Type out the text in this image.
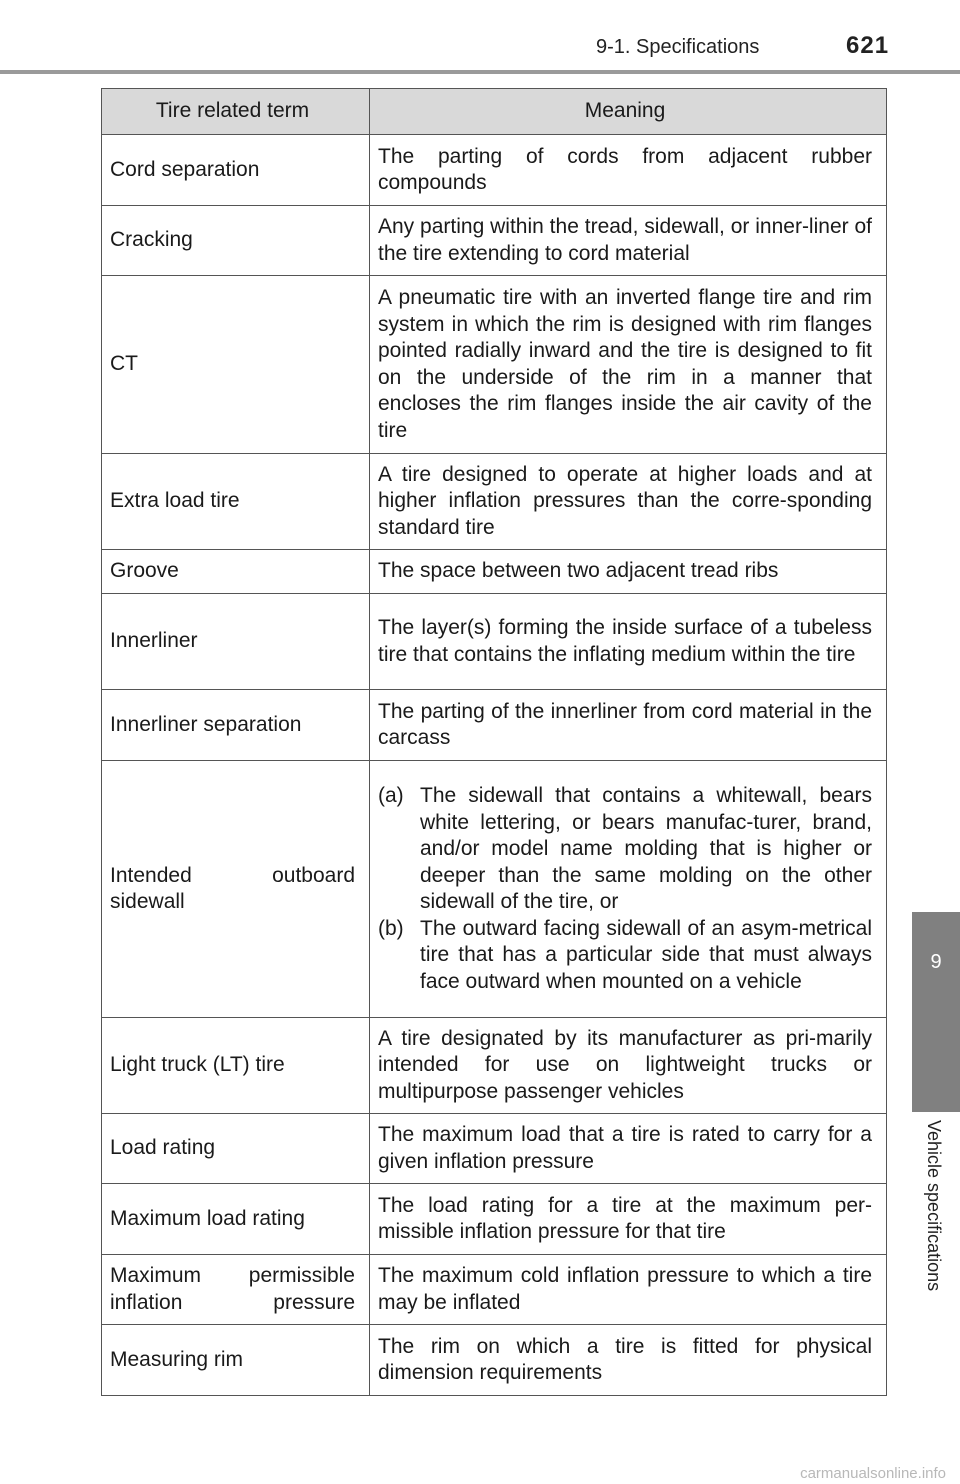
9-1. Specifications	621
9
Vehicle specifications
Tire related term	Meaning
Cord separation	The parting of cords from adjacent rubber compounds
Cracking	Any parting within the tread, sidewall, or inner-liner of the tire extending to cord material
CT	A pneumatic tire with an inverted flange tire and rim system in which the rim is designed with rim flanges pointed radially inward and the tire is designed to fit on the underside of the rim in a manner that encloses the rim flanges inside the air cavity of the tire
Extra load tire	A tire designed to operate at higher loads and at higher inflation pressures than the corre-sponding standard tire
Groove	The space between two adjacent tread ribs
Innerliner	The layer(s) forming the inside surface of a tubeless tire that contains the inflating medium within the tire
Innerliner separation	The parting of the innerliner from cord material in the carcass
Intended outboard sidewall	(a) The sidewall that contains a whitewall, bears white lettering, or bears manufac-turer, brand, and/or model name molding that is higher or deeper than the same molding on the other sidewall of the tire, or
(b) The outward facing sidewall of an asym-metrical tire that has a particular side that must always face outward when mounted on a vehicle

Light truck (LT) tire	A tire designated by its manufacturer as pri-marily intended for use on lightweight trucks or multipurpose passenger vehicles
Load rating	The maximum load that a tire is rated to carry for a given inflation pressure
Maximum load rating	The load rating for a tire at the maximum per-missible inflation pressure for that tire
Maximum permissible inflation pressure	The maximum cold inflation pressure to which a tire may be inflated
Measuring rim	The rim on which a tire is fitted for physical dimension requirements
carmanualsonline.info
